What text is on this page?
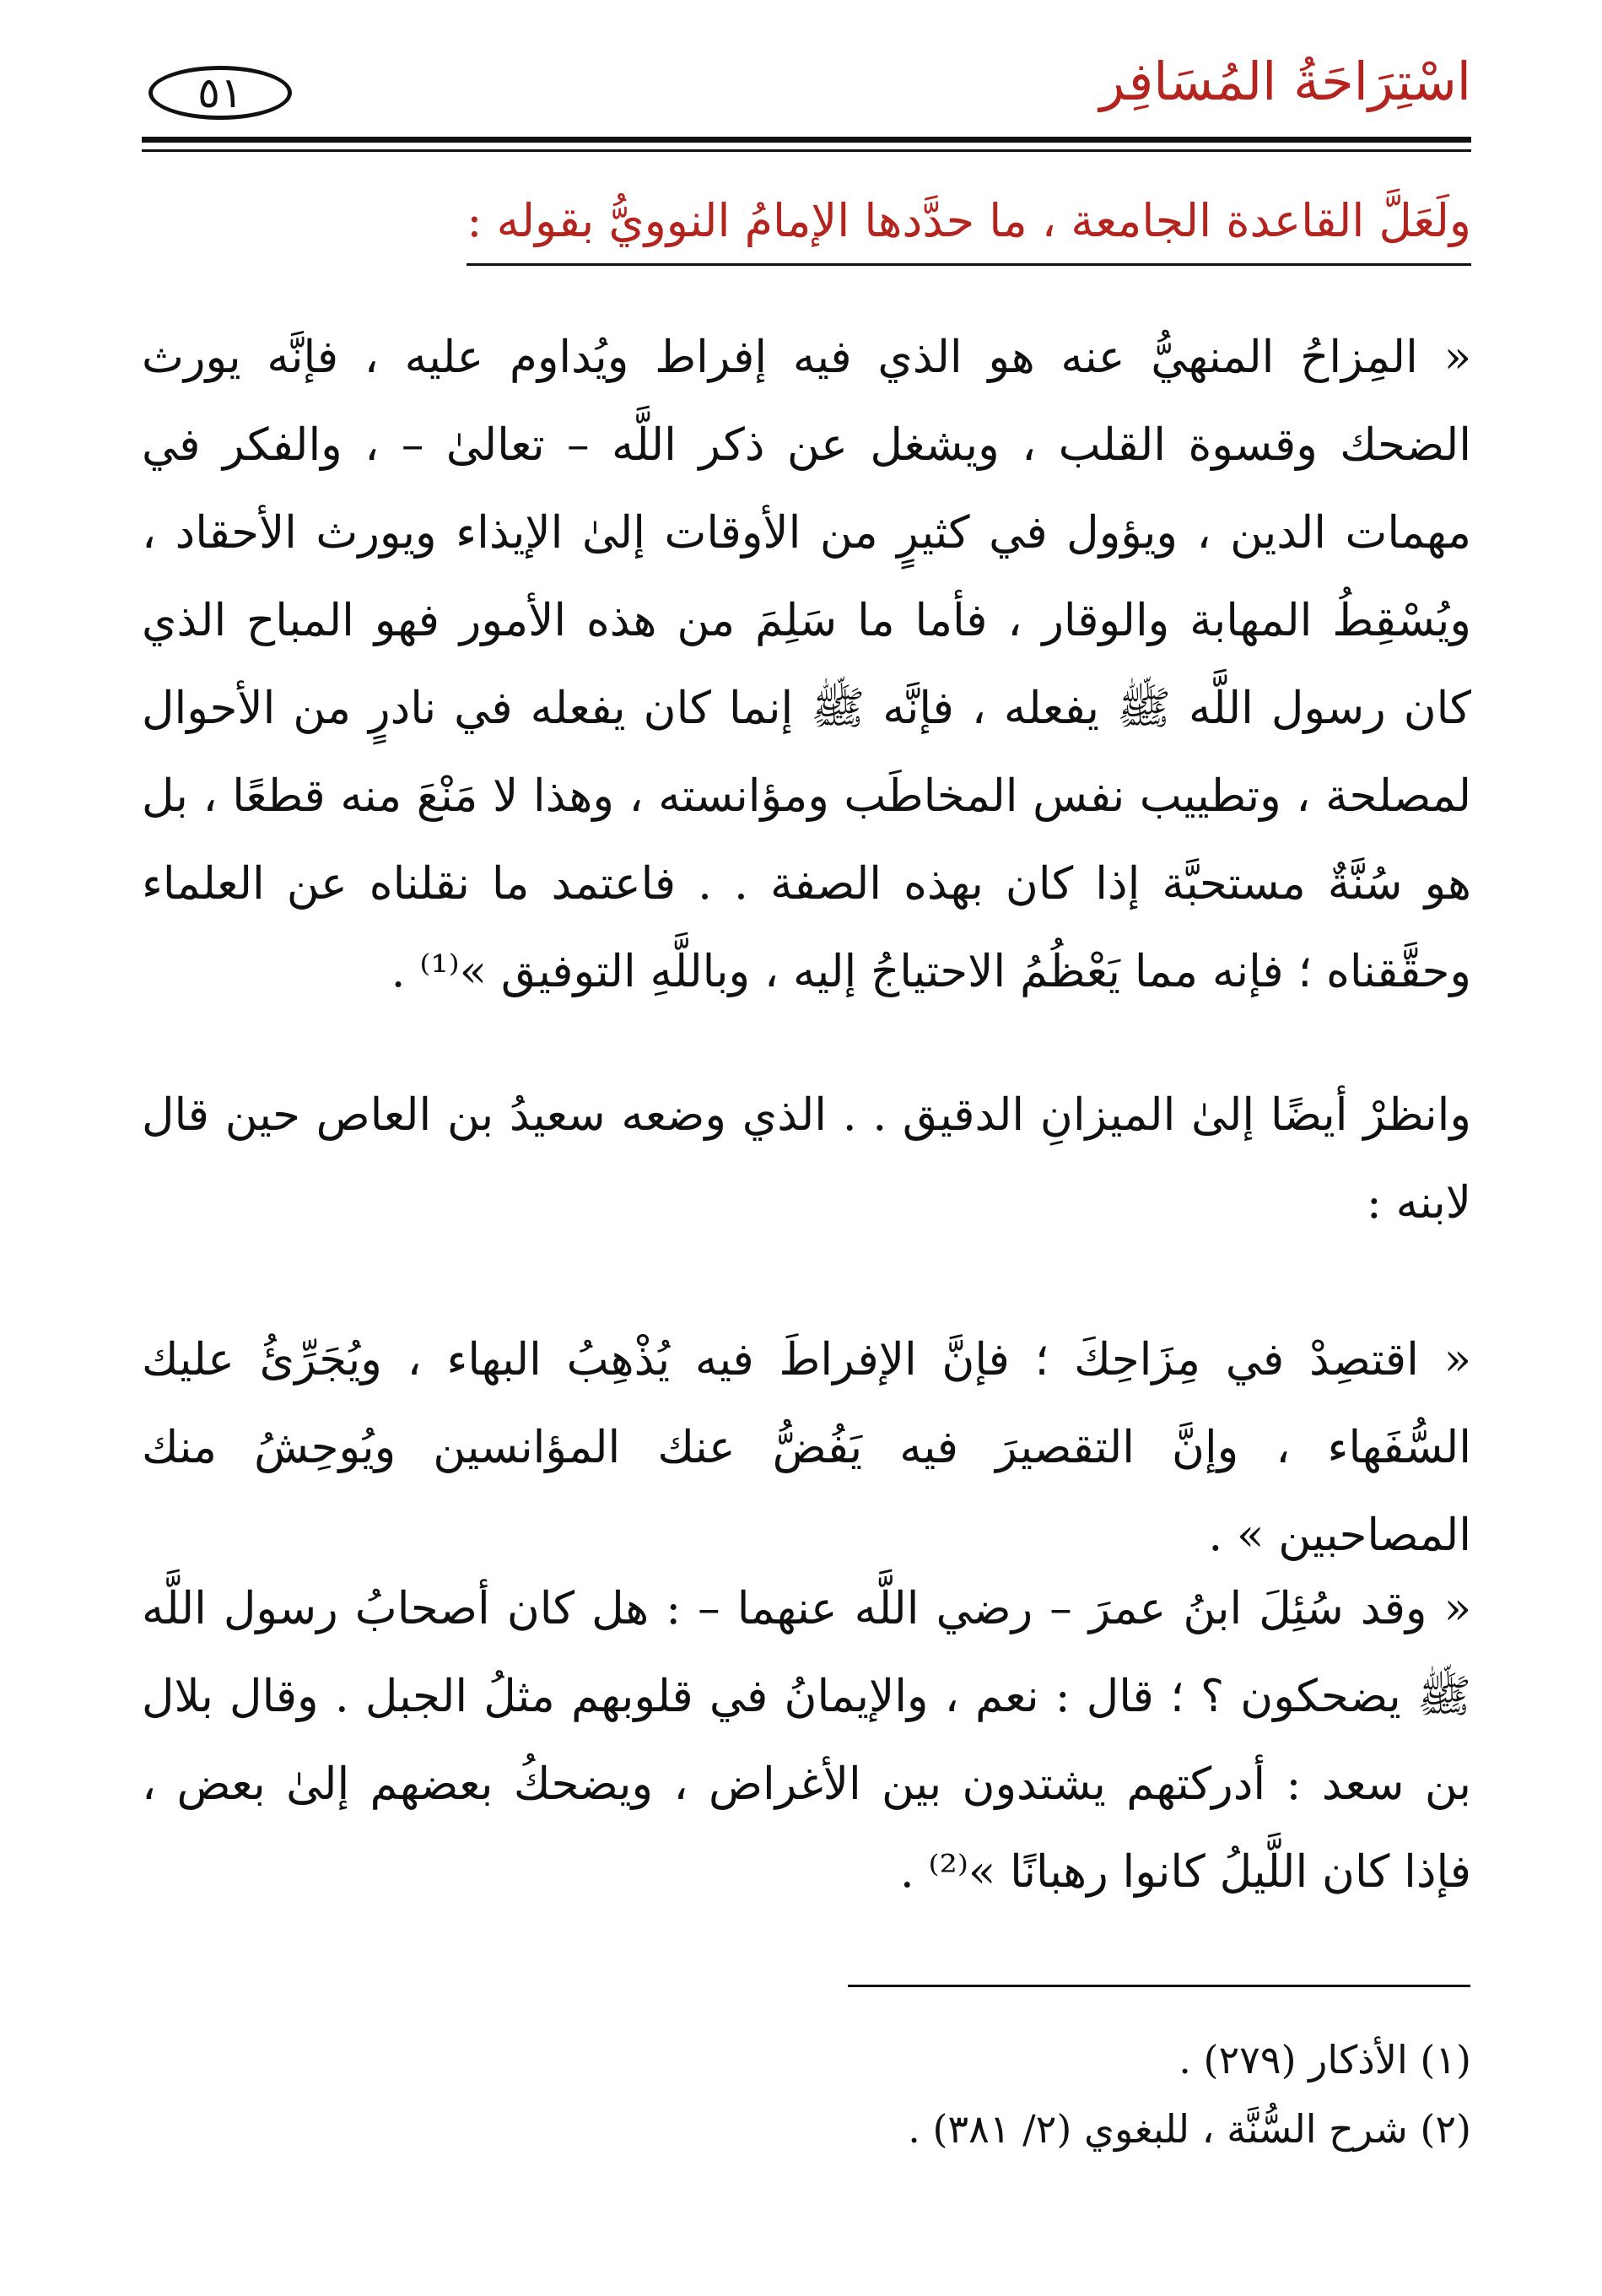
اسْتِرَاحَةُ المُسَافِر
٥١
ولَعَلَّ القاعدة الجامعة ، ما حدَّدها الإمامُ النوويُّ بقوله :

« المِزاحُ المنهيُّ عنه هو الذي فيه إفراط ويُداوم عليه ، فإنَّه يورث الضحك وقسوة القلب ، ويشغل عن ذكر اللَّه – تعالىٰ – ، والفكر في مهمات الدين ، ويؤول في كثيرٍ من الأوقات إلىٰ الإيذاء ويورث الأحقاد ، ويُسْقِطُ المهابة والوقار ، فأما ما سَلِمَ من هذه الأمور فهو المباح الذي كان رسول اللَّه ﷺ يفعله ، فإنَّه ﷺ إنما كان يفعله في نادرٍ من الأحوال لمصلحة ، وتطييب نفس المخاطَب ومؤانسته ، وهذا لا مَنْعَ منه قطعًا ، بل هو سُنَّةٌ مستحبَّة إذا كان بهذه الصفة . . فاعتمد ما نقلناه عن العلماء وحقَّقناه ؛ فإنه مما يَعْظُمُ الاحتياجُ إليه ، وباللَّهِ التوفيق »⁽¹⁾ .

وانظرْ أيضًا إلىٰ الميزانِ الدقيق . . الذي وضعه سعيدُ بن العاص حين قال لابنه :

« اقتصِدْ في مِزَاحِكَ ؛ فإنَّ الإفراطَ فيه يُذْهِبُ البهاء ، ويُجَرِّئُ عليك السُّفَهاء ، وإنَّ التقصيرَ فيه يَفُضُّ عنك المؤانسين ويُوحِشُ منك المصاحبين » .

« وقد سُئِلَ ابنُ عمرَ – رضي اللَّه عنهما – : هل كان أصحابُ رسول اللَّه ﷺ يضحكون ؟ ؛ قال : نعم ، والإيمانُ في قلوبهم مثلُ الجبل . وقال بلال بن سعد : أدركتهم يشتدون بين الأغراض ، ويضحكُ بعضهم إلىٰ بعض ، فإذا كان اللَّيلُ كانوا رهبانًا »⁽²⁾ .

(١) الأذكار (٢٧٩) .

(٢) شرح السُّنَّة ، للبغوي (٢/ ٣٨١) .
